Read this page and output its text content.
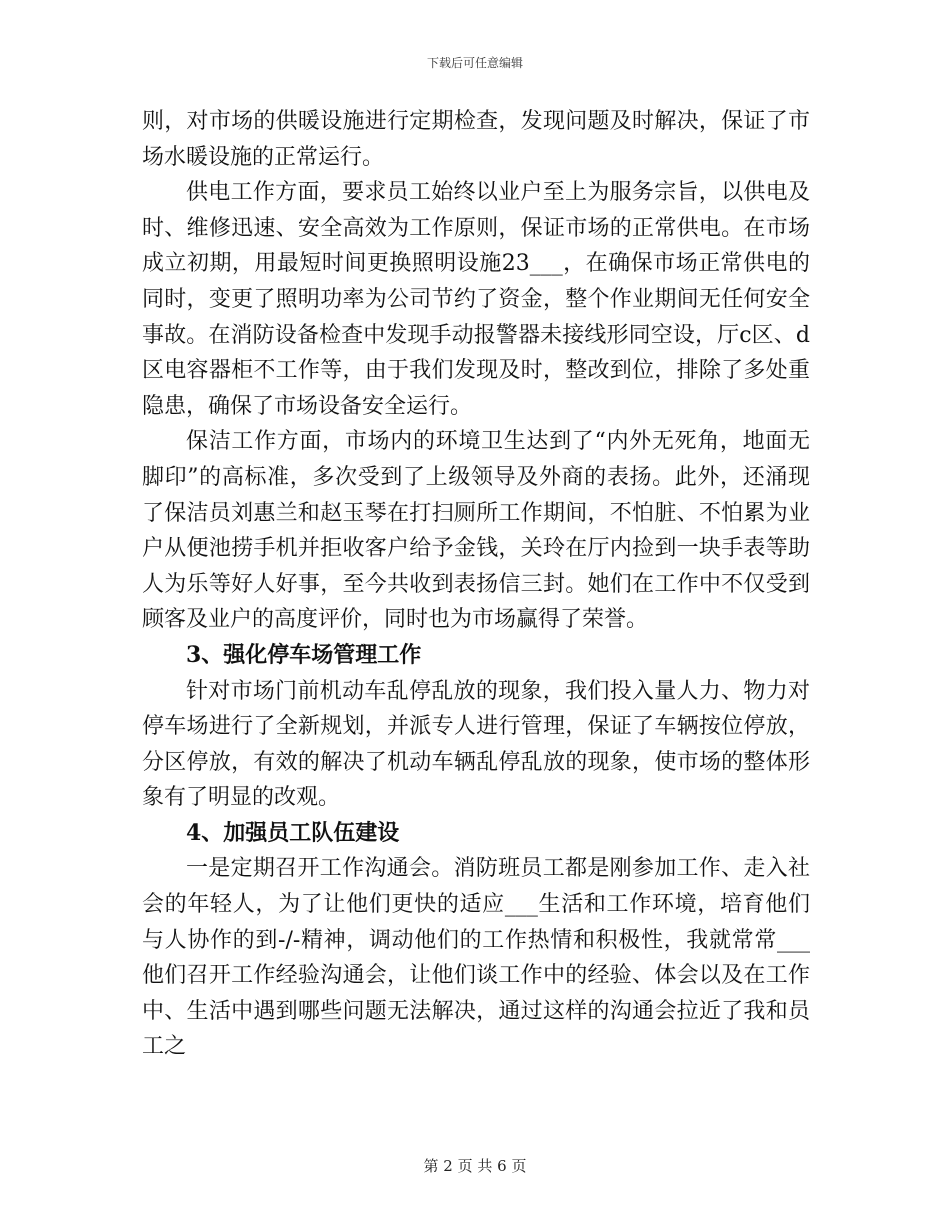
下载后可任意编辑

则，对市场的供暖设施进行定期检查，发现问题及时解决，保证了市场水暖设施的正常运行。

供电工作方面，要求员工始终以业户至上为服务宗旨，以供电及时、维修迅速、安全高效为工作原则，保证市场的正常供电。在市场成立初期，用最短时间更换照明设施23___，在确保市场正常供电的同时，变更了照明功率为公司节约了资金，整个作业期间无任何安全事故。在消防设备检查中发现手动报警器未接线形同空设，厅c区、d区电容器柜不工作等，由于我们发现及时，整改到位，排除了多处重隐患，确保了市场设备安全运行。

保洁工作方面，市场内的环境卫生达到了“内外无死角，地面无脚印”的高标准，多次受到了上级领导及外商的表扬。此外，还涌现了保洁员刘惠兰和赵玉琴在打扫厕所工作期间，不怕脏、不怕累为业户从便池捞手机并拒收客户给予金钱，关玲在厅内捡到一块手表等助人为乐等好人好事，至今共收到表扬信三封。她们在工作中不仅受到顾客及业户的高度评价，同时也为市场赢得了荣誉。

3、强化停车场管理工作

针对市场门前机动车乱停乱放的现象，我们投入量人力、物力对停车场进行了全新规划，并派专人进行管理，保证了车辆按位停放，分区停放，有效的解决了机动车辆乱停乱放的现象，使市场的整体形象有了明显的改观。

4、加强员工队伍建设

一是定期召开工作沟通会。消防班员工都是刚参加工作、走入社会的年轻人，为了让他们更快的适应___生活和工作环境，培育他们与人协作的到-/-精神，调动他们的工作热情和积极性，我就常常___他们召开工作经验沟通会，让他们谈工作中的经验、体会以及在工作中、生活中遇到哪些问题无法解决，通过这样的沟通会拉近了我和员工之

第 2 页 共 6 页
